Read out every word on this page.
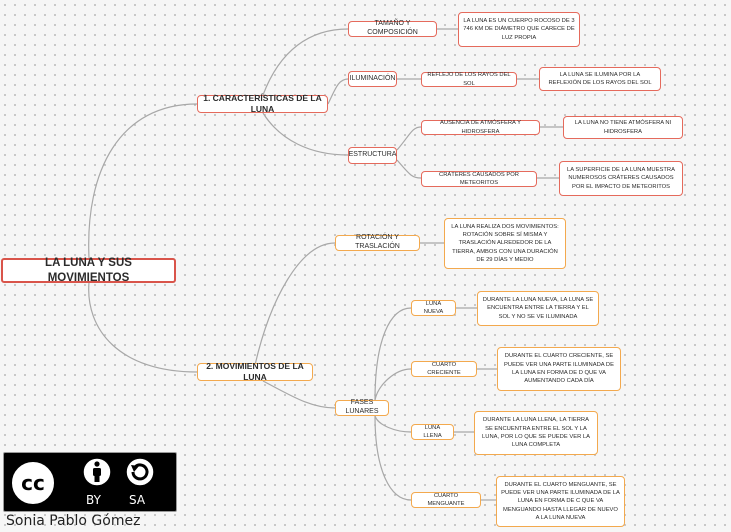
LA LUNA Y SUS MOVIMIENTOS
1. CARACTERÍSTICAS DE LA LUNA
TAMAÑO Y COMPOSICIÓN
LA LUNA ES UN CUERPO ROCOSO DE 3 746 KM DE DIÁMETRO QUE CARECE DE LUZ PROPIA
ILUMINACIÓN	REFLEJO DE LOS RAYOS DEL SOL
LA LUNA SE ILUMINA POR LA REFLEXIÓN DE LOS RAYOS DEL SOL
ESTRUCTURA
AUSENCIA DE ATMÓSFERA Y HIDROSFERA
LA LUNA NO TIENE ATMÓSFERA NI HIDROSFERA
CRÁTERES CAUSADOS POR METEORITOS
LA SUPERFICIE DE LA LUNA MUESTRA NUMEROSOS CRÁTERES CAUSADOS POR EL IMPACTO DE METEORITOS
2. MOVIMIENTOS DE LA LUNA
ROTACIÓN Y TRASLACIÓN
LA LUNA REALIZA DOS MOVIMIENTOS: ROTACIÓN SOBRE SÍ MISMA Y TRASLACIÓN ALREDEDOR DE LA TIERRA, AMBOS CON UNA DURACIÓN DE 29 DÍAS Y MEDIO
FASES LUNARES
LUNA NUEVA
DURANTE LA LUNA NUEVA, LA LUNA SE ENCUENTRA ENTRE LA TIERRA Y EL SOL Y NO SE VE ILUMINADA
CUARTO CRECIENTE
DURANTE EL CUARTO CRECIENTE, SE PUEDE VER UNA PARTE ILUMINADA DE LA LUNA EN FORMA DE D QUE VA AUMENTANDO CADA DÍA
LUNA LLENA
DURANTE LA LUNA LLENA, LA TIERRA SE ENCUENTRA ENTRE EL SOL Y LA LUNA, POR LO QUE SE PUEDE VER LA LUNA COMPLETA
CUARTO MENGUANTE
DURANTE EL CUARTO MENGUANTE, SE PUEDE VER UNA PARTE ILUMINADA DE LA LUNA EN FORMA DE C QUE VA MENGUANDO HASTA LLEGAR DE NUEVO A LA LUNA NUEVA
cc
BY SA
Sonia Pablo Gómez
